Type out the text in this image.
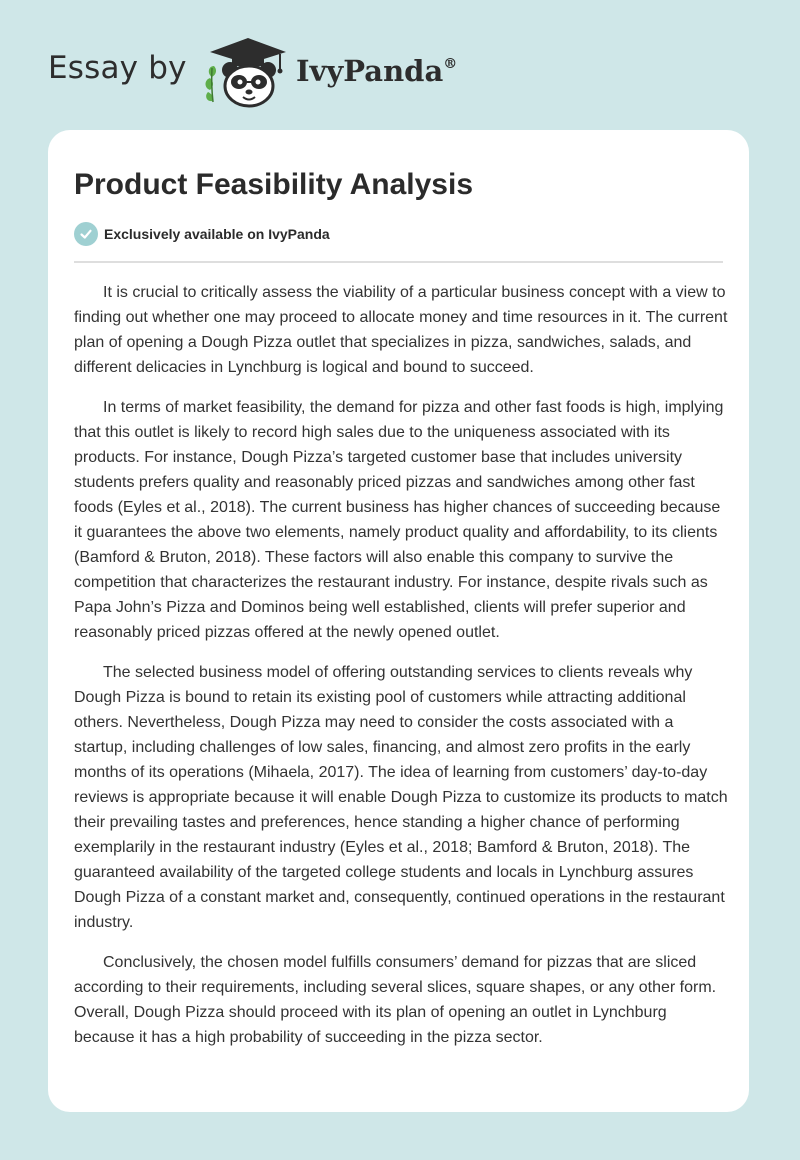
Essay by	IvyPanda®
Product Feasibility Analysis
Exclusively available on IvyPanda

It is crucial to critically assess the viability of a particular business concept with a view to finding out whether one may proceed to allocate money and time resources in it. The current plan of opening a Dough Pizza outlet that specializes in pizza, sandwiches, salads, and different delicacies in Lynchburg is logical and bound to succeed.

In terms of market feasibility, the demand for pizza and other fast foods is high, implying that this outlet is likely to record high sales due to the uniqueness associated with its products. For instance, Dough Pizza’s targeted customer base that includes university students prefers quality and reasonably priced pizzas and sandwiches among other fast foods (Eyles et al., 2018). The current business has higher chances of succeeding because it guarantees the above two elements, namely product quality and affordability, to its clients (Bamford & Bruton, 2018). These factors will also enable this company to survive the competition that characterizes the restaurant industry. For instance, despite rivals such as Papa John’s Pizza and Dominos being well established, clients will prefer superior and reasonably priced pizzas offered at the newly opened outlet.

The selected business model of offering outstanding services to clients reveals why Dough Pizza is bound to retain its existing pool of customers while attracting additional others. Nevertheless, Dough Pizza may need to consider the costs associated with a startup, including challenges of low sales, financing, and almost zero profits in the early months of its operations (Mihaela, 2017). The idea of learning from customers’ day-to-day reviews is appropriate because it will enable Dough Pizza to customize its products to match their prevailing tastes and preferences, hence standing a higher chance of performing exemplarily in the restaurant industry (Eyles et al., 2018; Bamford & Bruton, 2018). The guaranteed availability of the targeted college students and locals in Lynchburg assures Dough Pizza of a constant market and, consequently, continued operations in the restaurant industry.

Conclusively, the chosen model fulfills consumers’ demand for pizzas that are sliced according to their requirements, including several slices, square shapes, or any other form. Overall, Dough Pizza should proceed with its plan of opening an outlet in Lynchburg because it has a high probability of succeeding in the pizza sector.
